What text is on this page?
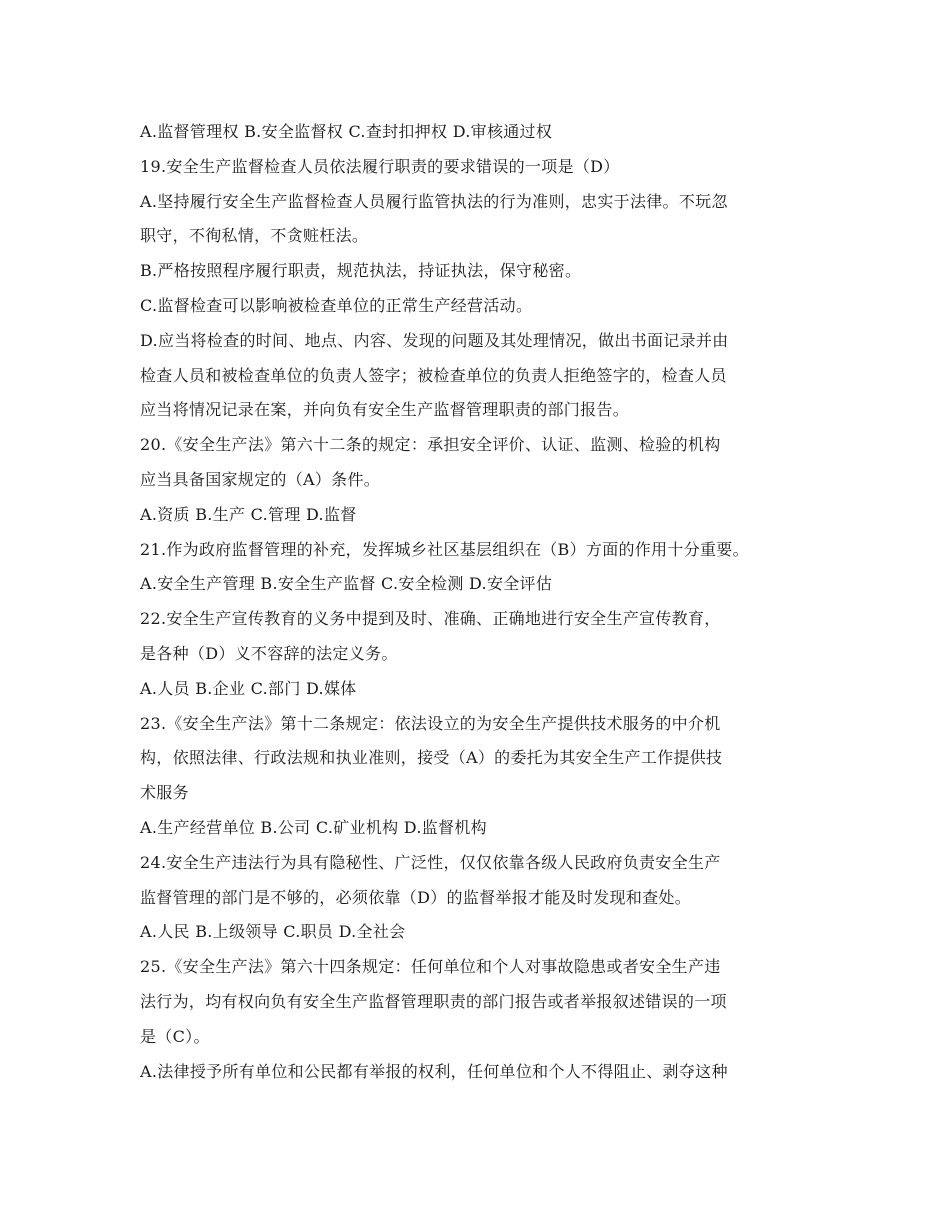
A.监督管理权 B.安全监督权 C.查封扣押权 D.审核通过权
19.安全生产监督检查人员依法履行职责的要求错误的一项是（D）
A.坚持履行安全生产监督检查人员履行监管执法的行为准则，忠实于法律。不玩忽
职守，不徇私情，不贪赃枉法。
B.严格按照程序履行职责，规范执法，持证执法，保守秘密。
C.监督检查可以影响被检查单位的正常生产经营活动。
D.应当将检查的时间、地点、内容、发现的问题及其处理情况，做出书面记录并由
检查人员和被检查单位的负责人签字；被检查单位的负责人拒绝签字的，检查人员
应当将情况记录在案，并向负有安全生产监督管理职责的部门报告。
20.《安全生产法》第六十二条的规定：承担安全评价、认证、监测、检验的机构
应当具备国家规定的（A）条件。
A.资质 B.生产 C.管理 D.监督
21.作为政府监督管理的补充，发挥城乡社区基层组织在（B）方面的作用十分重要。
A.安全生产管理 B.安全生产监督 C.安全检测 D.安全评估
22.安全生产宣传教育的义务中提到及时、准确、正确地进行安全生产宣传教育，
是各种（D）义不容辞的法定义务。
A.人员 B.企业 C.部门 D.媒体
23.《安全生产法》第十二条规定：依法设立的为安全生产提供技术服务的中介机
构，依照法律、行政法规和执业准则，接受（A）的委托为其安全生产工作提供技
术服务
A.生产经营单位 B.公司 C.矿业机构 D.监督机构
24.安全生产违法行为具有隐秘性、广泛性，仅仅依靠各级人民政府负责安全生产
监督管理的部门是不够的，必须依靠（D）的监督举报才能及时发现和查处。
A.人民 B.上级领导 C.职员 D.全社会
25.《安全生产法》第六十四条规定：任何单位和个人对事故隐患或者安全生产违
法行为，均有权向负有安全生产监督管理职责的部门报告或者举报叙述错误的一项
是（C）。
A.法律授予所有单位和公民都有举报的权利，任何单位和个人不得阻止、剥夺这种
